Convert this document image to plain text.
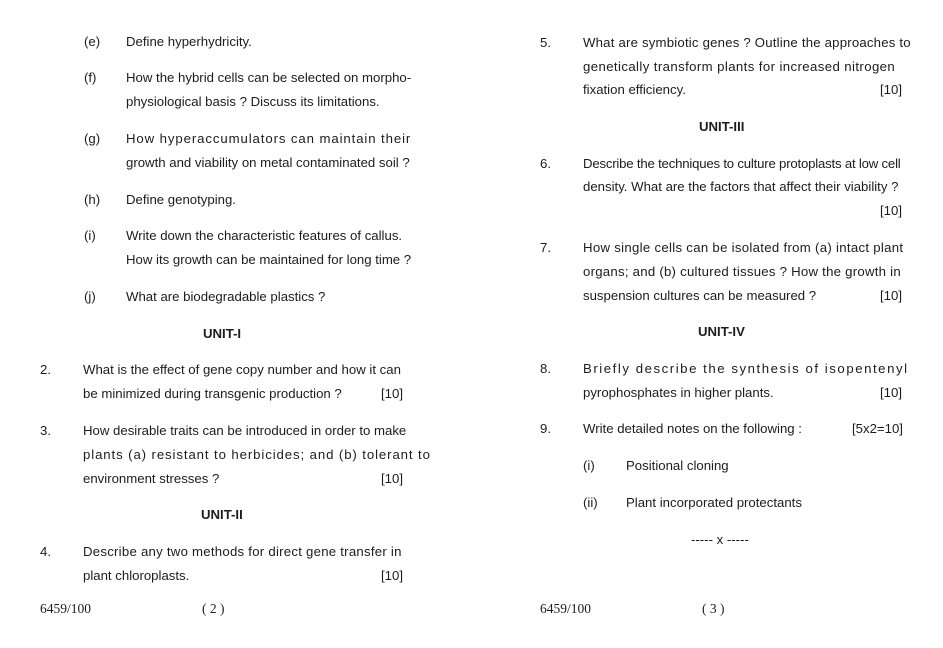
(e) Define hyperhydricity.
(f) How the hybrid cells can be selected on morpho-
physiological basis ? Discuss its limitations.
(g) How hyperaccumulators can maintain their
growth and viability on metal contaminated soil ?
(h) Define genotyping.
(i) Write down the characteristic features of callus.
How its growth can be maintained for long time ?
(j) What are biodegradable plastics ?
UNIT-I
2. What is the effect of gene copy number and how it can
be minimized during transgenic production ?	[10]
3. How desirable traits can be introduced in order to make
plants (a) resistant to herbicides; and (b) tolerant to
environment stresses ?	[10]
UNIT-II
4. Describe any two methods for direct gene transfer in
plant chloroplasts.	[10]
6459/100	( 2 )
5. What are symbiotic genes ? Outline the approaches to
genetically transform plants for increased nitrogen
fixation efficiency.	[10]
UNIT-III
6. Describe the techniques to culture protoplasts at low cell
density. What are the factors that affect their viability ?
[10]
7. How single cells can be isolated from (a) intact plant
organs; and (b) cultured tissues ? How the growth in
suspension cultures can be measured ?	[10]
UNIT-IV
8. Briefly describe the synthesis of isopentenyl
pyrophosphates in higher plants.	[10]
9. Write detailed notes on the following :	[5x2=10]
(i) Positional cloning
(ii) Plant incorporated protectants
----- x -----
6459/100	( 3 )
